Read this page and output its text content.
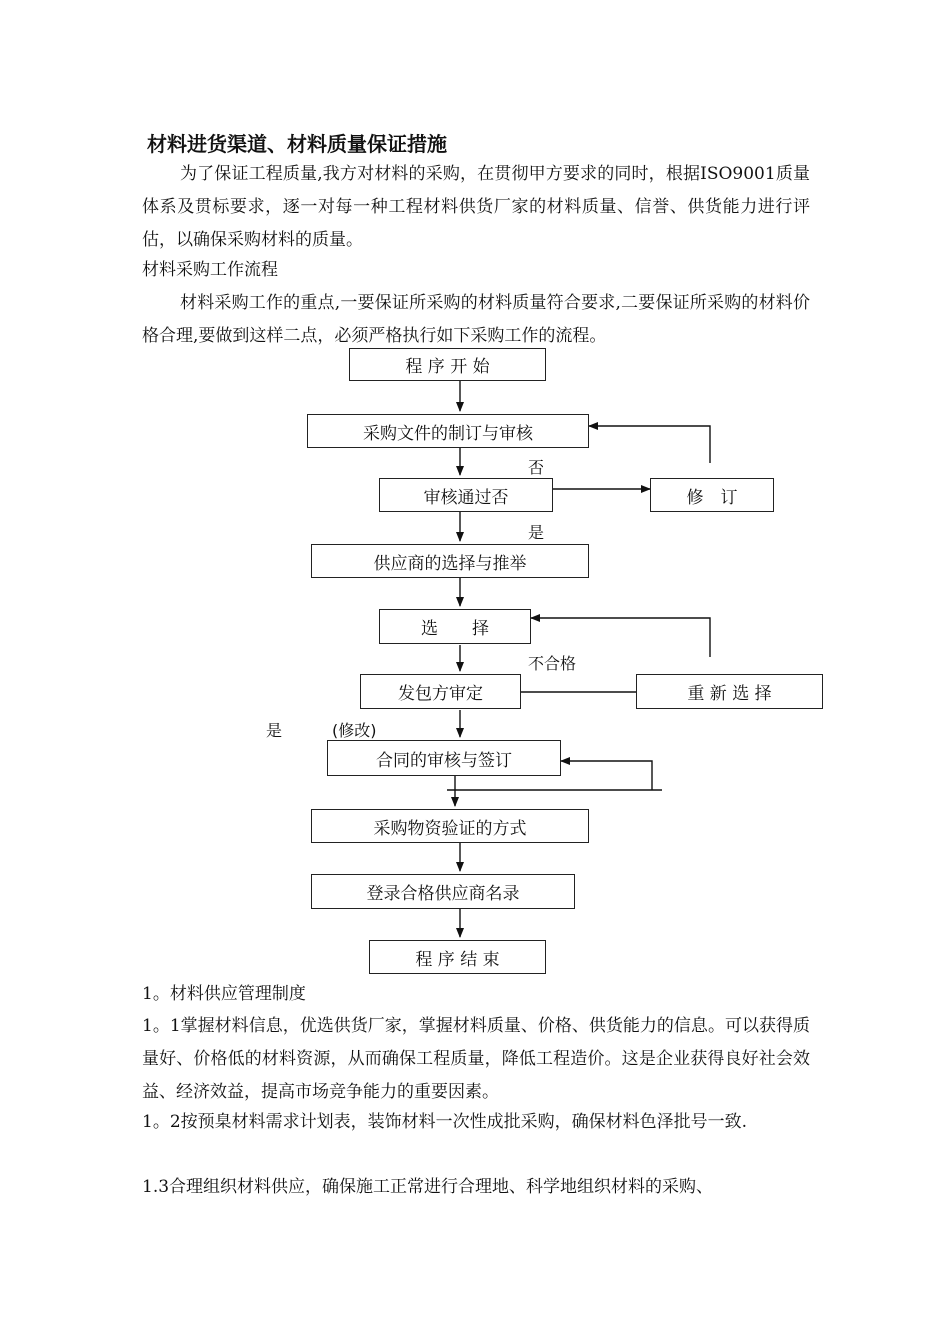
材料进货渠道、材料质量保证措施
为了保证工程质量,我方对材料的采购，在贯彻甲方要求的同时，根据ISO9001质量体系及贯标要求，逐一对每一种工程材料供货厂家的材料质量、信誉、供货能力进行评估，以确保采购材料的质量。
材料采购工作流程
材料采购工作的重点,一要保证所采购的材料质量符合要求,二要保证所采购的材料价格合理,要做到这样二点，必须严格执行如下采购工作的流程。
程 序 开 始
采购文件的制订与审核
审核通过否	修　订
供应商的选择与推举
选　　择
发包方审定	重 新 选 择
合同的审核与签订
采购物资验证的方式
登录合格供应商名录
程 序 结 束
否
是
不合格
是	(修改)
1。材料供应管理制度
1。1掌握材料信息，优选供货厂家，掌握材料质量、价格、供货能力的信息。可以获得质量好、价格低的材料资源，从而确保工程质量，降低工程造价。这是企业获得良好社会效益、经济效益，提高市场竞争能力的重要因素。
1。2按预臬材料需求计划表，装饰材料一次性成批采购，确保材料色泽批号一致.
1.3合理组织材料供应，确保施工正常进行合理地、科学地组织材料的采购、
